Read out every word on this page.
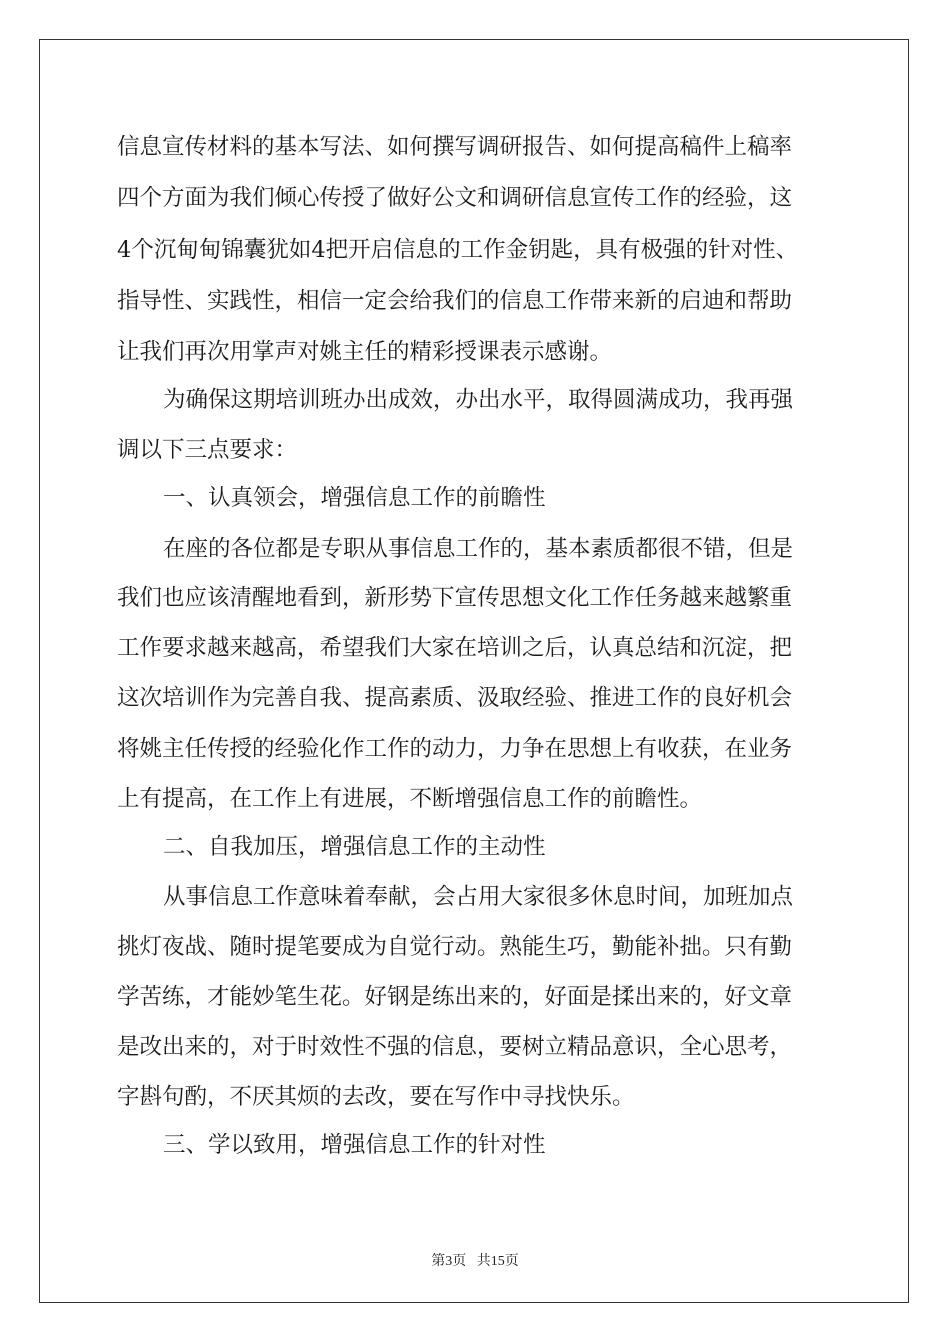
信息宣传材料的基本写法、如何撰写调研报告、如何提高稿件上稿率
四个方面为我们倾心传授了做好公文和调研信息宣传工作的经验，这
4个沉甸甸锦囊犹如4把开启信息的工作金钥匙，具有极强的针对性、
指导性、实践性，相信一定会给我们的信息工作带来新的启迪和帮助
让我们再次用掌声对姚主任的精彩授课表示感谢。
为确保这期培训班办出成效，办出水平，取得圆满成功，我再强
调以下三点要求：
一、认真领会，增强信息工作的前瞻性
在座的各位都是专职从事信息工作的，基本素质都很不错，但是
我们也应该清醒地看到，新形势下宣传思想文化工作任务越来越繁重
工作要求越来越高，希望我们大家在培训之后，认真总结和沉淀，把
这次培训作为完善自我、提高素质、汲取经验、推进工作的良好机会
将姚主任传授的经验化作工作的动力，力争在思想上有收获，在业务
上有提高，在工作上有进展，不断增强信息工作的前瞻性。
二、自我加压，增强信息工作的主动性
从事信息工作意味着奉献，会占用大家很多休息时间，加班加点
挑灯夜战、随时提笔要成为自觉行动。熟能生巧，勤能补拙。只有勤
学苦练，才能妙笔生花。好钢是练出来的，好面是揉出来的，好文章
是改出来的，对于时效性不强的信息，要树立精品意识，全心思考，
字斟句酌，不厌其烦的去改，要在写作中寻找快乐。
三、学以致用，增强信息工作的针对性
第3页 共15页
